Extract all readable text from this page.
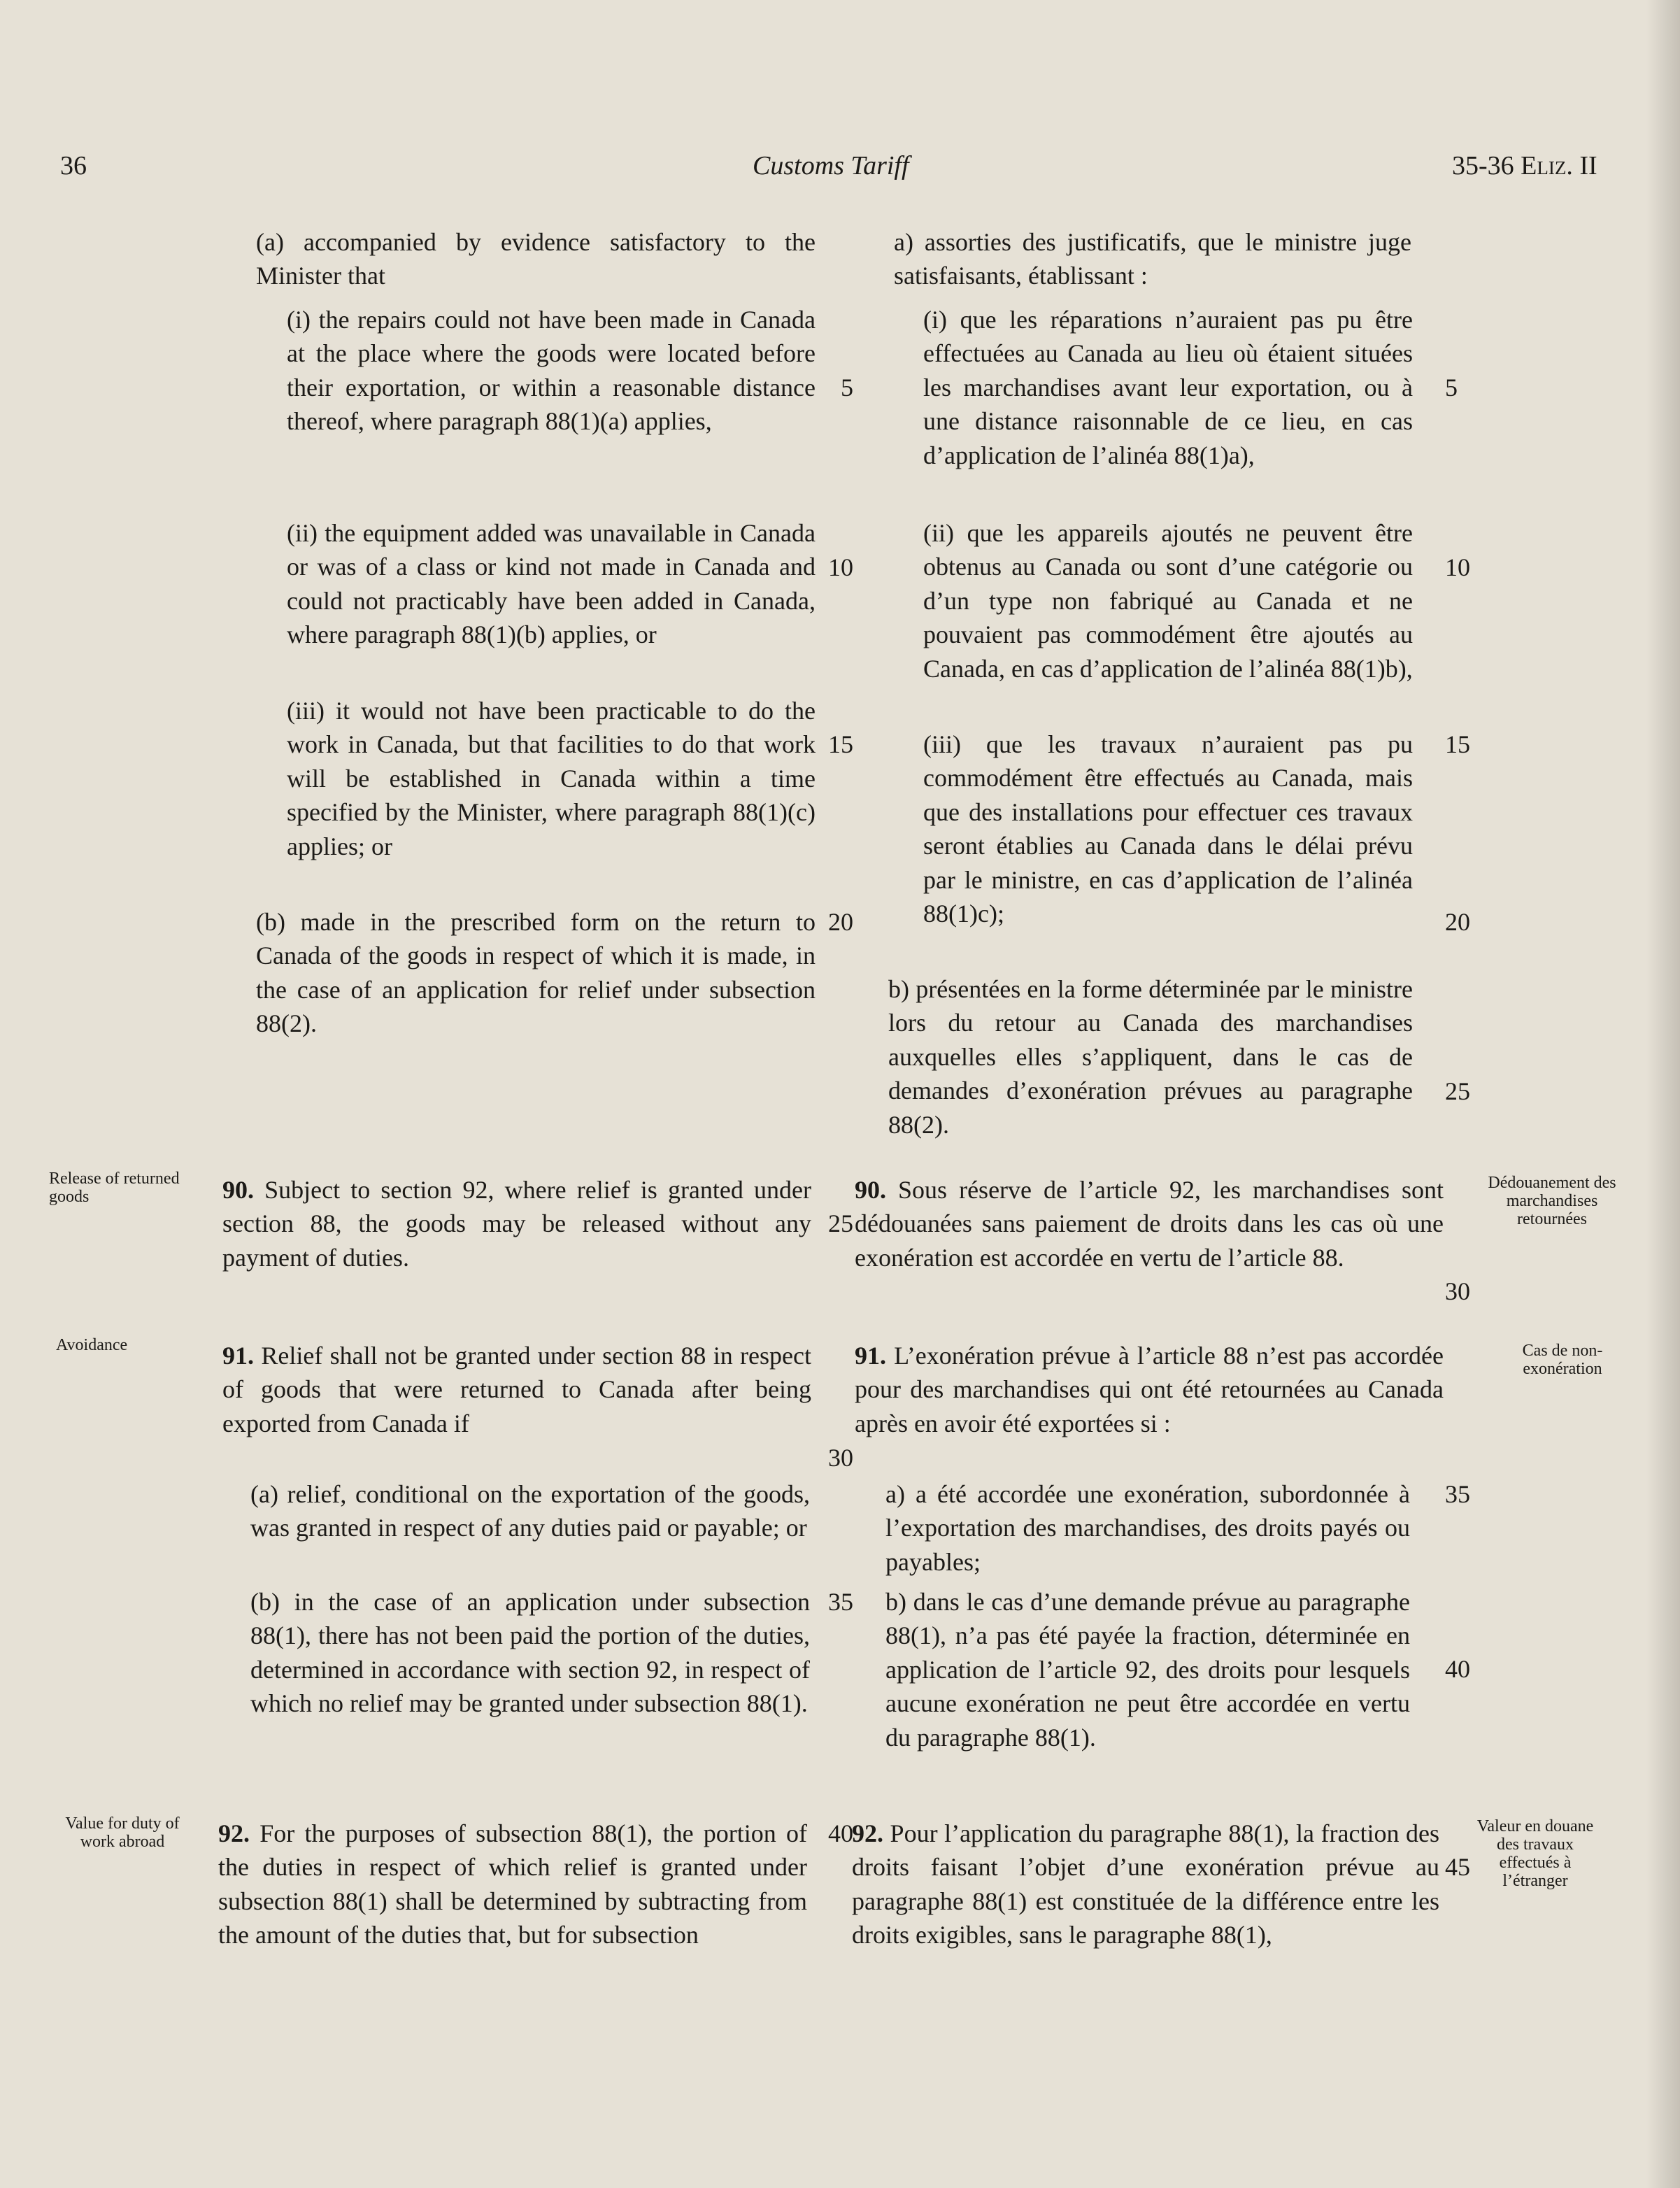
36	Customs Tariff	35-36 Eliz. II
(a) accompanied by evidence satisfactory to the Minister that
(i) the repairs could not have been made in Canada at the place where the goods were located before their exportation, or within a reasonable distance thereof, where paragraph 88(1)(a) applies,
(ii) the equipment added was unavailable in Canada or was of a class or kind not made in Canada and could not practicably have been added in Canada, where paragraph 88(1)(b) applies, or
(iii) it would not have been practicable to do the work in Canada, but that facilities to do that work will be established in Canada within a time specified by the Minister, where paragraph 88(1)(c) applies; or
(b) made in the prescribed form on the return to Canada of the goods in respect of which it is made, in the case of an application for relief under subsection 88(2).
90. Subject to section 92, where relief is granted under section 88, the goods may be released without any payment of duties.
91. Relief shall not be granted under section 88 in respect of goods that were returned to Canada after being exported from Canada if
(a) relief, conditional on the exportation of the goods, was granted in respect of any duties paid or payable; or
(b) in the case of an application under subsection 88(1), there has not been paid the portion of the duties, determined in accordance with section 92, in respect of which no relief may be granted under subsection 88(1).
92. For the purposes of subsection 88(1), the portion of the duties in respect of which relief is granted under subsection 88(1) shall be determined by subtracting from the amount of the duties that, but for subsection
a) assorties des justificatifs, que le ministre juge satisfaisants, établissant :
(i) que les réparations n’auraient pas pu être effectuées au Canada au lieu où étaient situées les marchandises avant leur exportation, ou à une distance raisonnable de ce lieu, en cas d’application de l’alinéa 88(1)a),
(ii) que les appareils ajoutés ne peuvent être obtenus au Canada ou sont d’une catégorie ou d’un type non fabriqué au Canada et ne pouvaient pas commodément être ajoutés au Canada, en cas d’application de l’alinéa 88(1)b),
(iii) que les travaux n’auraient pas pu commodément être effectués au Canada, mais que des installations pour effectuer ces travaux seront établies au Canada dans le délai prévu par le ministre, en cas d’application de l’alinéa 88(1)c);
b) présentées en la forme déterminée par le ministre lors du retour au Canada des marchandises auxquelles elles s’appliquent, dans le cas de demandes d’exonération prévues au paragraphe 88(2).
90. Sous réserve de l’article 92, les marchandises sont dédouanées sans paiement de droits dans les cas où une exonération est accordée en vertu de l’article 88.
91. L’exonération prévue à l’article 88 n’est pas accordée pour des marchandises qui ont été retournées au Canada après en avoir été exportées si :
a) a été accordée une exonération, subordonnée à l’exportation des marchandises, des droits payés ou payables;
b) dans le cas d’une demande prévue au paragraphe 88(1), n’a pas été payée la fraction, déterminée en application de l’article 92, des droits pour lesquels aucune exonération ne peut être accordée en vertu du paragraphe 88(1).
92. Pour l’application du paragraphe 88(1), la fraction des droits faisant l’objet d’une exonération prévue au paragraphe 88(1) est constituée de la différence entre les droits exigibles, sans le paragraphe 88(1),
5
10
15
20
25
30
35
40
5
10
15
20
25
30
35
40
45
Release of returned goods
Avoidance
Value for duty of work abroad
Dédouanement des marchandises retournées
Cas de non-exonération
Valeur en douane des travaux effectués à l’étranger
